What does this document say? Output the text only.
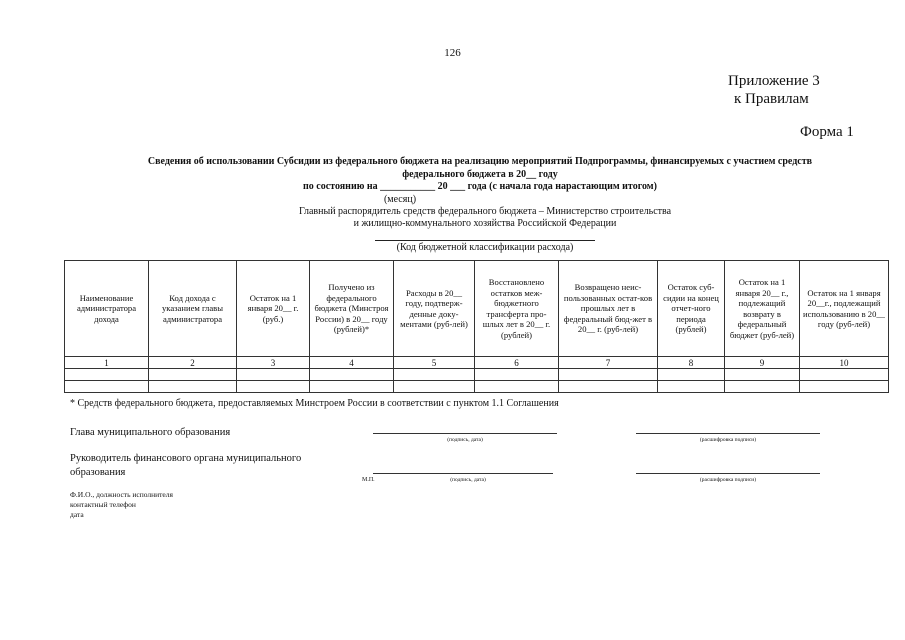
126
Приложение 3
к Правилам
Форма 1
Сведения об использовании Субсидии из федерального бюджета на реализацию мероприятий Подпрограммы, финансируемых с участием средств
федерального бюджета в 20__ году
по состоянию на ___________ 20 ___ года (с начала года нарастающим итогом)
(месяц)
Главный распорядитель средств федерального бюджета – Министерство строительства
и жилищно-коммунального хозяйства Российской Федерации
(Код бюджетной классификации расхода)
Наименование администратора дохода	Код дохода с указанием главы администратора	Остаток на 1 января 20__ г. (руб.)	Получено из федерального бюджета (Минстроя России) в 20__ году (рублей)*	Расходы в 20__ году, подтверж-денные доку-ментами (руб-лей)	Восстановлено остатков меж-бюджетного трансферта про-шлых лет в 20__ г. (рублей)	Возвращено неис-пользованных остат-ков прошлых лет в федеральный бюд-жет в 20__ г. (руб-лей)	Остаток суб-сидии на конец отчет-ного периода (рублей)	Остаток на 1 января 20__ г., подлежащий возврату в федеральный бюджет (руб-лей)	Остаток на 1 января 20__г., подлежащий использованию в 20__ году (руб-лей)
1	2	3	4	5	6	7	8	9	10

* Средств федерального бюджета, предоставляемых Минстроем России в соответствии с пунктом 1.1 Соглашения
Глава муниципального образования
(подпись, дата)	(расшифровка подписи)
Руководитель финансового органа муниципального
образования
М.П.	(подпись, дата)	(расшифровка подписи)
Ф.И.О., должность исполнителя
контактный телефон
дата
